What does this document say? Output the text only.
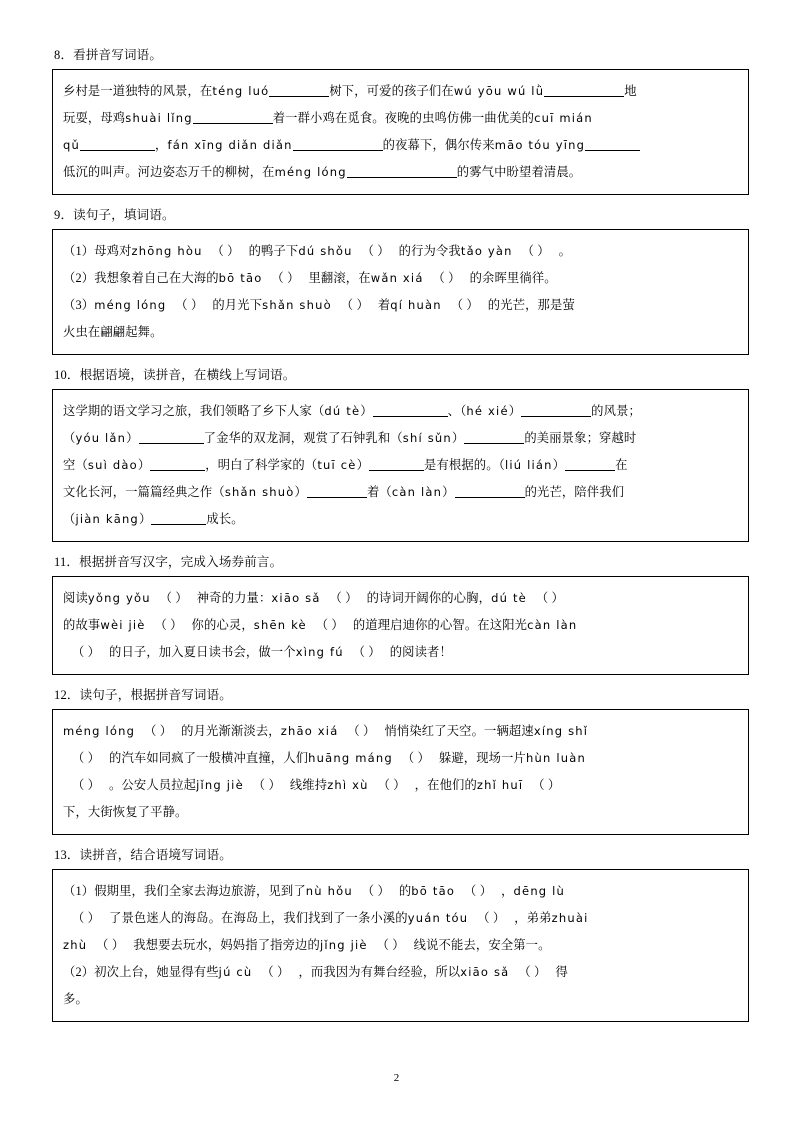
8．看拼音写词语。
乡村是一道独特的风景，在téng luó	树下，可爱的孩子们在wú yōu wú lǜ	地
玩耍，母鸡shuài lǐng	着一群小鸡在觅食。夜晚的虫鸣仿佛一曲优美的cuī mián
qǔ	，fán xīng diǎn diǎn	的夜幕下，偶尔传来māo tóu yīng
低沉的叫声。河边姿态万千的柳树，在méng lóng	的雾气中盼望着清晨。
9．读句子，填词语。
（1）母鸡对zhōng hòu （ ） 的鸭子下dú shǒu （ ） 的行为令我tǎo yàn （ ） 。
（2）我想象着自己在大海的bō tāo （ ） 里翻滚，在wǎn xiá （ ） 的余晖里徜徉。
（3）méng lóng （ ） 的月光下shǎn shuò （ ） 着qí huàn （ ） 的光芒，那是萤
火虫在翩翩起舞。
10．根据语境，读拼音，在横线上写词语。
这学期的语文学习之旅，我们领略了乡下人家（dú tè）	、（hé xié）	的风景；
（yóu lǎn）	了金华的双龙洞，观赏了石钟乳和（shí sǔn）	的美丽景象；穿越时
空（suì dào）	，明白了科学家的（tuī cè）	是有根据的。（liú lián）	在
文化长河，一篇篇经典之作（shǎn shuò）	着（càn làn）	的光芒，陪伴我们
（jiàn kāng）	成长。
11．根据拼音写汉字，完成入场券前言。
阅读yǒng yǒu （ ） 神奇的力量：xiāo sǎ （ ） 的诗词开阔你的心胸，dú tè （ ）
的故事wèi jiè （ ） 你的心灵，shēn kè （ ） 的道理启迪你的心智。在这阳光càn làn
（ ） 的日子，加入夏日读书会，做一个xìng fú （ ） 的阅读者！
12．读句子，根据拼音写词语。
méng lóng （ ） 的月光渐渐淡去，zhāo xiá （ ） 悄悄染红了天空。一辆超速xíng shǐ
（ ） 的汽车如同疯了一般横冲直撞，人们huāng máng （ ） 躲避，现场一片hùn luàn
（ ） 。公安人员拉起jǐng jiè （ ） 线维持zhì xù （ ） ，在他们的zhǐ huī （ ）
下，大街恢复了平静。
13．读拼音，结合语境写词语。
（1）假期里，我们全家去海边旅游，见到了nù hǒu （ ） 的bō tāo （ ） ，dēng lù
（ ） 了景色迷人的海岛。在海岛上，我们找到了一条小溪的yuán tóu （ ） ，弟弟zhuài
zhù （ ） 我想要去玩水，妈妈指了指旁边的jǐng jiè （ ） 线说不能去，安全第一。
（2）初次上台，她显得有些jú cù （ ） ，而我因为有舞台经验，所以xiāo sǎ （ ） 得
多。
2
